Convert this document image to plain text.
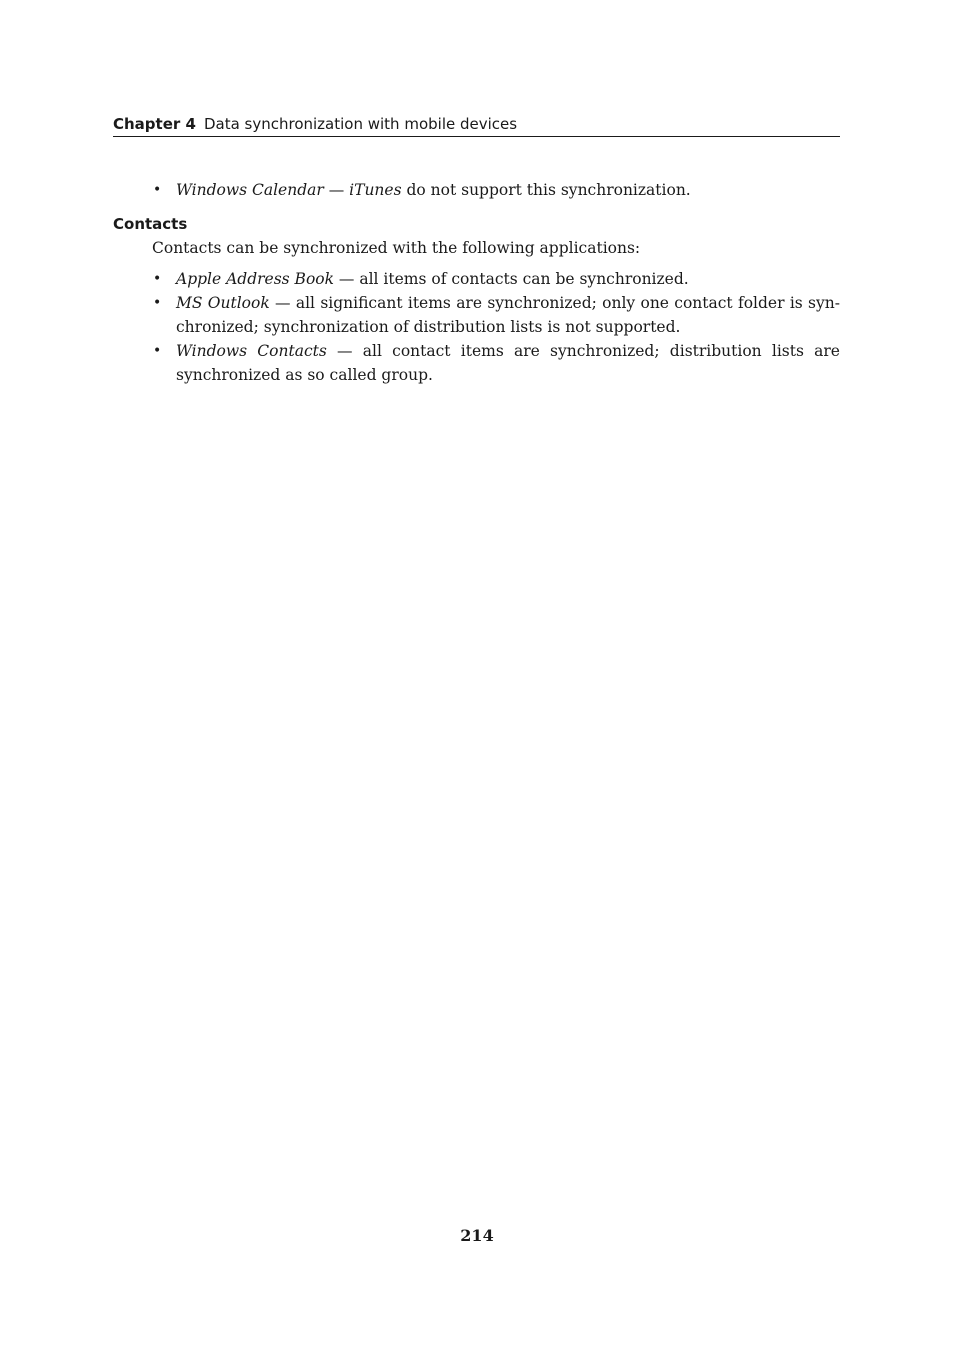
Chapter 4 Data synchronization with mobile devices
• Windows Calendar — iTunes do not support this synchronization.
Contacts

Contacts can be synchronized with the following applications:

• Apple Address Book — all items of contacts can be synchronized.
• MS Outlook — all significant items are synchronized; only one contact folder is synchronized; synchronization of distribution lists is not supported.
• Windows Contacts — all contact items are synchronized; distribution lists are synchronized as so called group.
214
